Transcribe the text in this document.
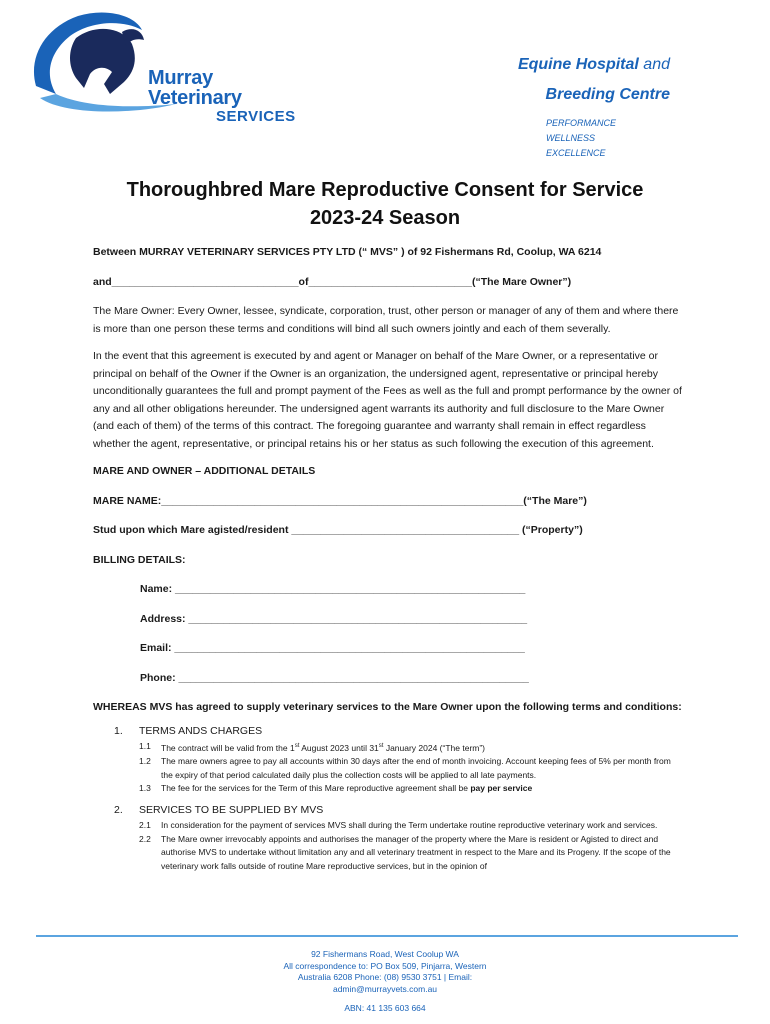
Murray Veterinary
SERVICES
Equine Hospital and
Breeding Centre
PERFORMANCE
WELLNESS
EXCELLENCE
Thoroughbred Mare Reproductive Consent for Service
2023-24 Season
Between MURRAY VETERINARY SERVICES PTY LTD (“ MVS” ) of 92 Fishermans Rd, Coolup, WA 6214
and________________________________of____________________________(“The Mare Owner”)
The Mare Owner: Every Owner, lessee, syndicate, corporation, trust, other person or manager of any of them and where there is more than one person these terms and conditions will bind all such owners jointly and each of them severally.
In the event that this agreement is executed by and agent or Manager on behalf of the Mare Owner, or a representative or principal on behalf of the Owner if the Owner is an organization, the undersigned agent, representative or principal hereby unconditionally guarantees the full and prompt payment of the Fees as well as the full and prompt performance by the owner of any and all other obligations hereunder. The undersigned agent warrants its authority and full disclosure to the Mare Owner (and each of them) of the terms of this contract. The foregoing guarantee and warranty shall remain in effect regardless whether the agent, representative, or principal retains his or her status as such following the execution of this agreement.
MARE AND OWNER – ADDITIONAL DETAILS
MARE NAME:______________________________________________________________(“The Mare”)
Stud upon which Mare agisted/resident _______________________________________ (“Property”)
BILLING DETAILS:
Name: ____________________________________________________________
Address: __________________________________________________________
Email: ____________________________________________________________
Phone: ____________________________________________________________
WHEREAS MVS has agreed to supply veterinary services to the Mare Owner upon the following terms and conditions:
1.	TERMS ANDS CHARGES
1.1	The contract will be valid from the 1st August 2023 until 31st January 2024 (“The term”)
1.2	The mare owners agree to pay all accounts within 30 days after the end of month invoicing. Account keeping fees of 5% per month from the expiry of that period calculated daily plus the collection costs will be applied to all late payments.
1.3	The fee for the services for the Term of this Mare reproductive agreement shall be pay per service
2.	SERVICES TO BE SUPPLIED BY MVS
2.1	In consideration for the payment of services MVS shall during the Term undertake routine reproductive veterinary work and services.
2.2	The Mare owner irrevocably appoints and authorises the manager of the property where the Mare is resident or Agisted to direct and authorise MVS to undertake without limitation any and all veterinary treatment in respect to the Mare and its Progeny. If the scope of the veterinary work falls outside of routine Mare reproductive services, but in the opinion of
92 Fishermans Road, West Coolup WA
All correspondence to: PO Box 509, Pinjarra, Western
Australia 6208 Phone: (08) 9530 3751 | Email:
admin@murrayvets.com.au
ABN: 41 135 603 664
